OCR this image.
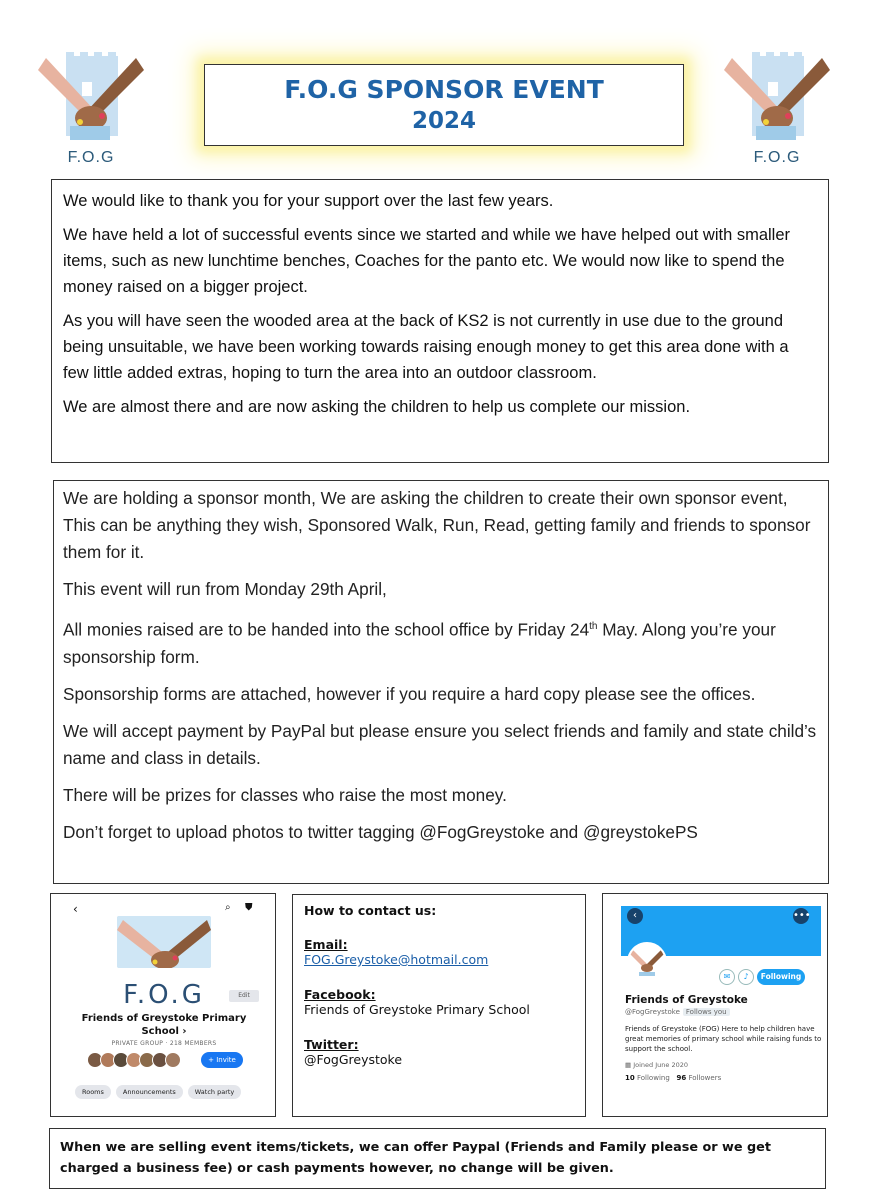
F.O.G
F.O.G SPONSOR EVENT
2024
F.O.G

We would like to thank you for your support over the last few years.

We have held a lot of successful events since we started and while we have helped out with smaller items, such as new lunchtime benches, Coaches for the panto etc. We would now like to spend the money raised on a bigger project.

As you will have seen the wooded area at the back of KS2 is not currently in use due to the ground being unsuitable, we have been working towards raising enough money to get this area done with a few little added extras, hoping to turn the area into an outdoor classroom.

We are almost there and are now asking the children to help us complete our mission.

We are holding a sponsor month, We are asking the children to create their own sponsor event, This can be anything they wish, Sponsored Walk, Run, Read, getting family and friends to sponsor them for it.

This event will run from Monday 29th April,

All monies raised are to be handed into the school office by Friday 24th May. Along you’re your sponsorship form.

Sponsorship forms are attached, however if you require a hard copy please see the offices.

We will accept payment by PayPal but please ensure you select friends and family and state child’s name and class in details.

There will be prizes for classes who raise the most money.

Don’t forget to upload photos to twitter tagging @FogGreystoke and @greystokePS

‹	⌕ ⛊
F.O.G	Edit
Friends of Greystoke Primary School ›
PRIVATE GROUP · 218 MEMBERS
+ Invite
Rooms	Announcements	Watch party
How to contact us:
Email:
FOG.Greystoke@hotmail.com
Facebook:
Friends of Greystoke Primary School
Twitter:
@FogGreystoke
‹	•••
✉ ♪ Following
Friends of Greystoke
@FogGreystoke Follows you
Friends of Greystoke (FOG) Here to help children have great memories of primary school while raising funds to support the school.
▦ Joined June 2020
10 Following 96 Followers

When we are selling event items/tickets, we can offer Paypal (Friends and Family please or we get charged a business fee) or cash payments however, no change will be given.
